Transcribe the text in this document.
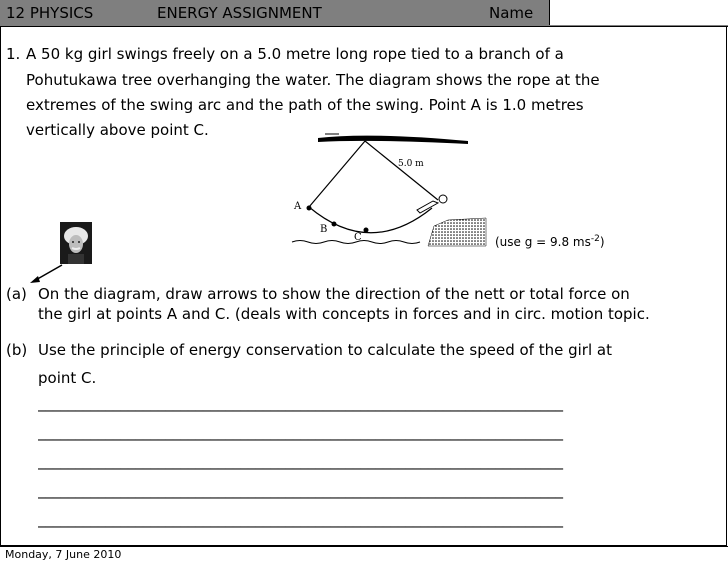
12 PHYSICS	ENERGY ASSIGNMENT	Name
1. A 50 kg girl swings freely on a 5.0 metre long rope tied to a branch of a
Pohutukawa tree overhanging the water. The diagram shows the rope at the
extremes of the swing arc and the path of the swing. Point A is 1.0 metres
vertically above point C.
5.0 m
A
B
C	(use g = 9.8 $ms^{-2}$)
(a) On the diagram, draw arrows to show the direction of the nett or total force on
the girl at points A and C. (deals with concepts in forces and in circ. motion topic.
(b) Use the principle of energy conservation to calculate the speed of the girl at
point C.
______________________________________________________________________
______________________________________________________________________
______________________________________________________________________
______________________________________________________________________
______________________________________________________________________
Monday, 7 June 2010
